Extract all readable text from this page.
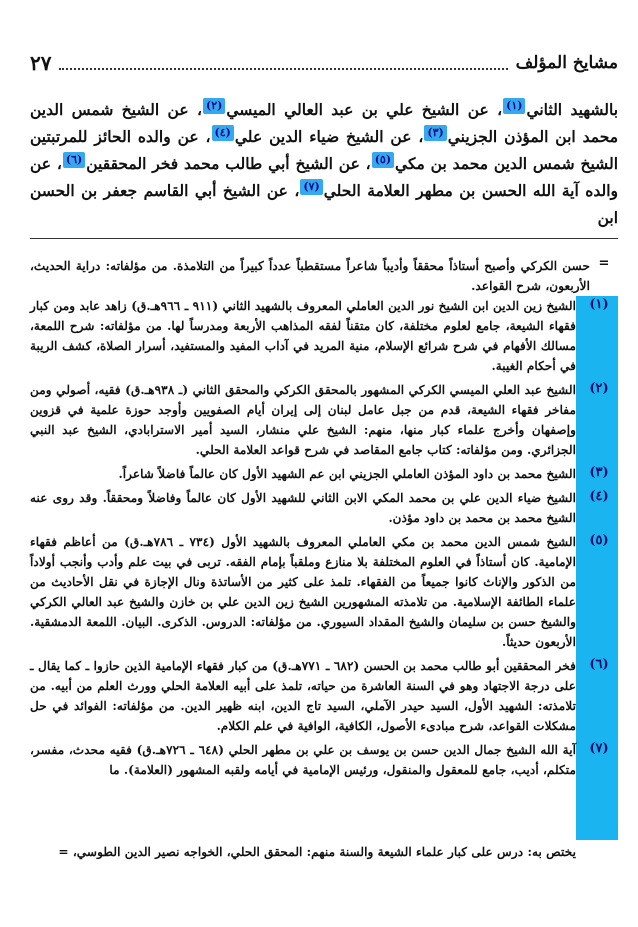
مشايخ المؤلف
٢٧

بالشهيد الثاني(١)، عن الشيخ علي بن عبد العالي الميسي(٢)، عن الشيخ شمس الدين محمد ابن المؤذن الجزيني(٣)، عن الشيخ ضياء الدين علي(٤)، عن والده الحائز للمرتبتين الشيخ شمس الدين محمد بن مكي(٥)، عن الشيخ أبي طالب محمد فخر المحققين(٦)، عن والده آية الله الحسن بن مطهر العلامة الحلي(٧)، عن الشيخ أبي القاسم جعفر بن الحسن ابن

=
حسن الكركي وأصبح أستاذاً محققاً وأديباً شاعراً مستقطباً عدداً كبيراً من التلامذة. من مؤلفاته: دراية الحديث، الأربعون، شرح القواعد.
(١)
الشيخ زين الدين ابن الشيخ نور الدين العاملي المعروف بالشهيد الثاني (٩١١ ـ ٩٦٦هـ.ق) زاهد عابد ومن كبار فقهاء الشيعة، جامع لعلوم مختلفة، كان متقناً لفقه المذاهب الأربعة ومدرساً لها. من مؤلفاته: شرح اللمعة، مسالك الأفهام في شرح شرائع الإسلام، منية المريد في آداب المفيد والمستفيد، أسرار الصلاة، كشف الريبة في أحكام الغيبة.
(٢)
الشيخ عبد العلي الميسي الكركي المشهور بالمحقق الكركي والمحقق الثاني (ـ ٩٣٨هـ.ق) فقيه، أصولي ومن مفاخر فقهاء الشيعة، قدم من جبل عامل لبنان إلى إيران أيام الصفويين وأوجد حوزة علمية في قزوين وإصفهان وأخرج علماء كبار منها، منهم: الشيخ علي منشار، السيد أمير الاسترابادي، الشيخ عبد النبي الجزائري. ومن مؤلفاته: كتاب جامع المقاصد في شرح قواعد العلامة الحلي.
(٣)
الشيخ محمد بن داود المؤذن العاملي الجزيني ابن عم الشهيد الأول كان عالماً فاضلاً شاعراً.
(٤)
الشيخ ضياء الدين علي بن محمد المكي الابن الثاني للشهيد الأول كان عالماً وفاضلاً ومحققاً. وقد روى عنه الشيخ محمد بن محمد بن داود مؤذن.
(٥)
الشيخ شمس الدين محمد بن مكي العاملي المعروف بالشهيد الأول (٧٣٤ ـ ٧٨٦هـ.ق) من أعاظم فقهاء الإمامية. كان أستاذاً في العلوم المختلفة بلا منازع وملقباً بإمام الفقه. تربى في بيت علم وأدب وأنجب أولاداً من الذكور والإناث كانوا جميعاً من الفقهاء. تلمذ على كثير من الأساتذة ونال الإجازة في نقل الأحاديث من علماء الطائفة الإسلامية. من تلامذته المشهورين الشيخ زين الدين علي بن خازن والشيخ عبد العالي الكركي والشيخ حسن بن سليمان والشيخ المقداد السيوري. من مؤلفاته: الدروس. الذكرى. البيان. اللمعة الدمشقية. الأربعون حديثاً.
(٦)
فخر المحققين أبو طالب محمد بن الحسن (٦٨٢ ـ ٧٧١هـ.ق) من كبار فقهاء الإمامية الذين حازوا ـ كما يقال ـ على درجة الاجتهاد وهو في السنة العاشرة من حياته، تلمذ على أبيه العلامة الحلي وورث العلم من أبيه. من تلامذته: الشهيد الأول، السيد حيدر الآملي، السيد تاج الدين، ابنه ظهير الدين. من مؤلفاته: الفوائد في حل مشكلات القواعد، شرح مبادىء الأصول، الكافية، الوافية في علم الكلام.
(٧)
آية الله الشيخ جمال الدين حسن بن يوسف بن علي بن مطهر الحلي (٦٤٨ ـ ٧٢٦هـ.ق) فقيه محدث، مفسر، متكلم، أديب، جامع للمعقول والمنقول، ورئيس الإمامية في أيامه ولقبه المشهور (العلامة). ما
يختص به: درس على كبار علماء الشيعة والسنة منهم: المحقق الحلي، الخواجه نصير الدين الطوسي، =
